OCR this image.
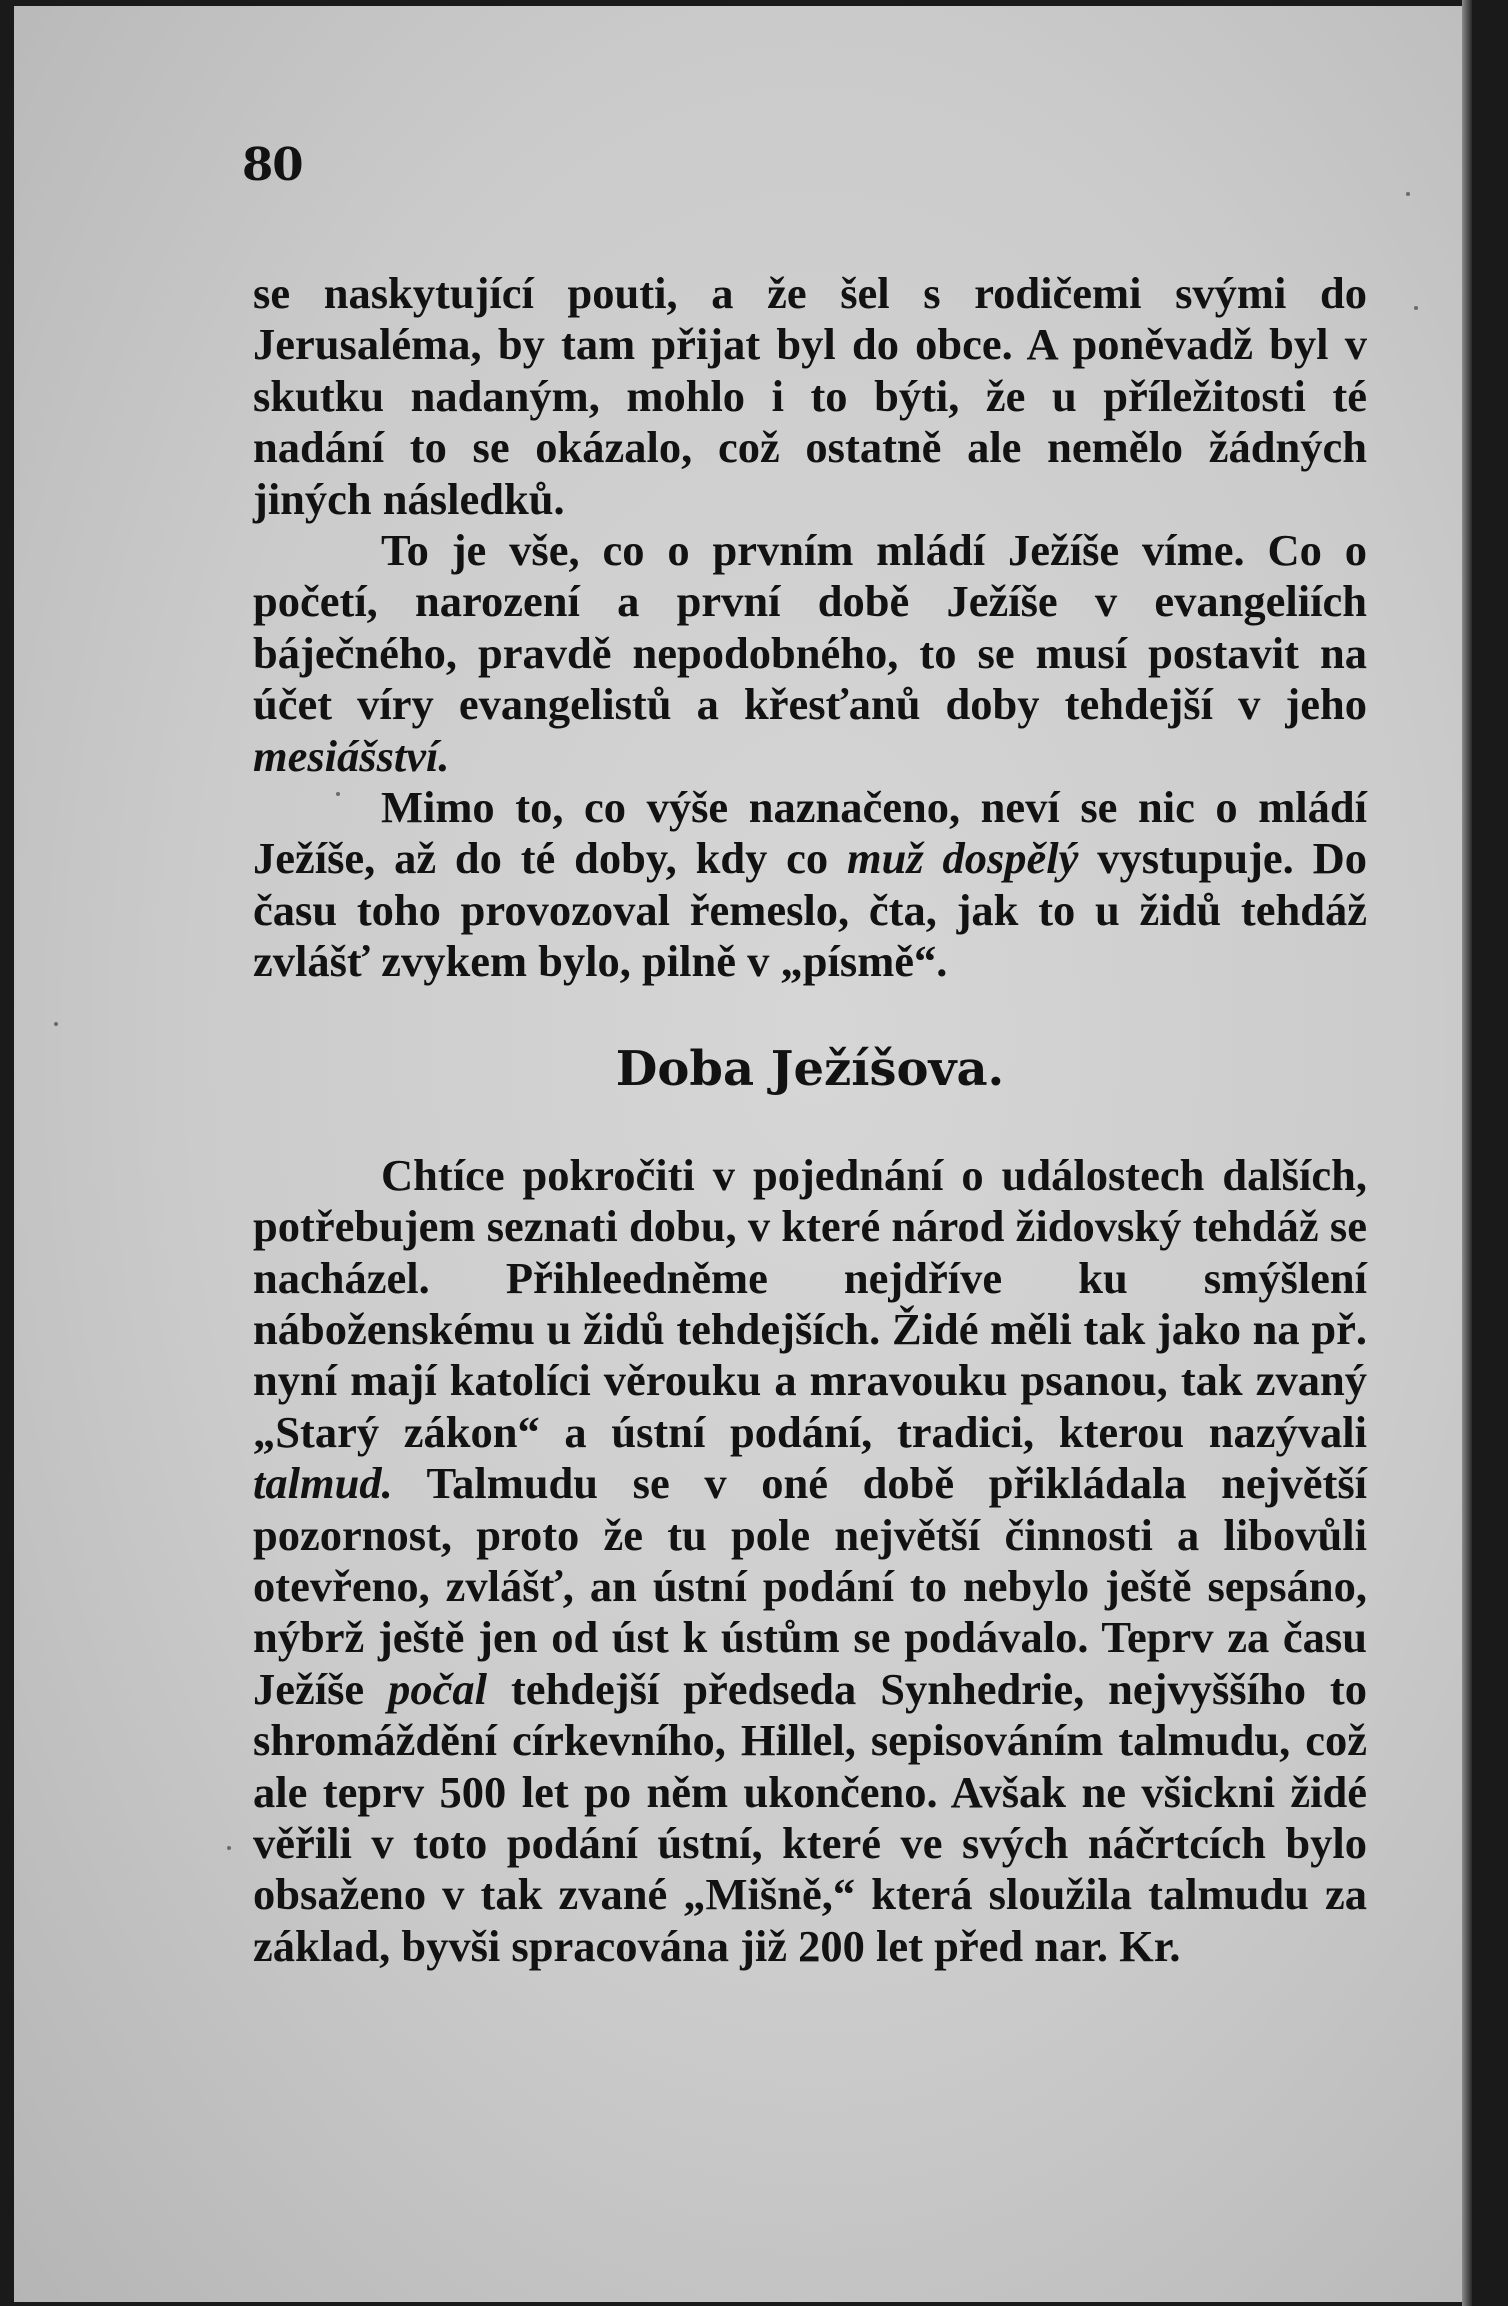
80

se naskytující pouti, a že šel s rodičemi svými do Jerusaléma, by tam přijat byl do obce. A poněvadž byl v skutku nadaným, mohlo i to býti, že u příležitosti té nadání to se okázalo, což ostatně ale nemělo žádných jiných následků.

To je vše, co o prvním mládí Ježíše víme. Co o početí, narození a první době Ježíše v evangeliích báječného, pravdě nepodobného, to se musí postavit na účet víry evangelistů a křesťanů doby tehdejší v jeho mesiášství.

Mimo to, co výše naznačeno, neví se nic o mládí Ježíše, až do té doby, kdy co muž dospělý vystupuje. Do času toho provozoval řemeslo, čta, jak to u židů tehdáž zvlášť zvykem bylo, pilně v „písmě“.

Doba Ježíšova.

Chtíce pokročiti v pojednání o událostech dalších, potřebujem seznati dobu, v které národ židovský tehdáž se nacházel. Přihleedněme nejdříve ku smýšlení náboženskému u židů tehdejších. Židé měli tak jako na př. nyní mají katolíci věrouku a mravouku psanou, tak zvaný „Starý zákon“ a ústní podání, tradici, kterou nazývali talmud. Talmudu se v oné době přikládala největší pozornost, proto že tu pole největší činnosti a libovůli otevřeno, zvlášť, an ústní podání to nebylo ještě sepsáno, nýbrž ještě jen od úst k ústům se podávalo. Teprv za času Ježíše počal tehdejší předseda Synhedrie, nejvyššího to shromáždění církevního, Hillel, sepisováním talmudu, což ale teprv 500 let po něm ukončeno. Avšak ne všickni židé věřili v toto podání ústní, které ve svých náčrtcích bylo obsaženo v tak zvané „Mišně,“ která sloužila talmudu za základ, byvši spracována již 200 let před nar. Kr.
